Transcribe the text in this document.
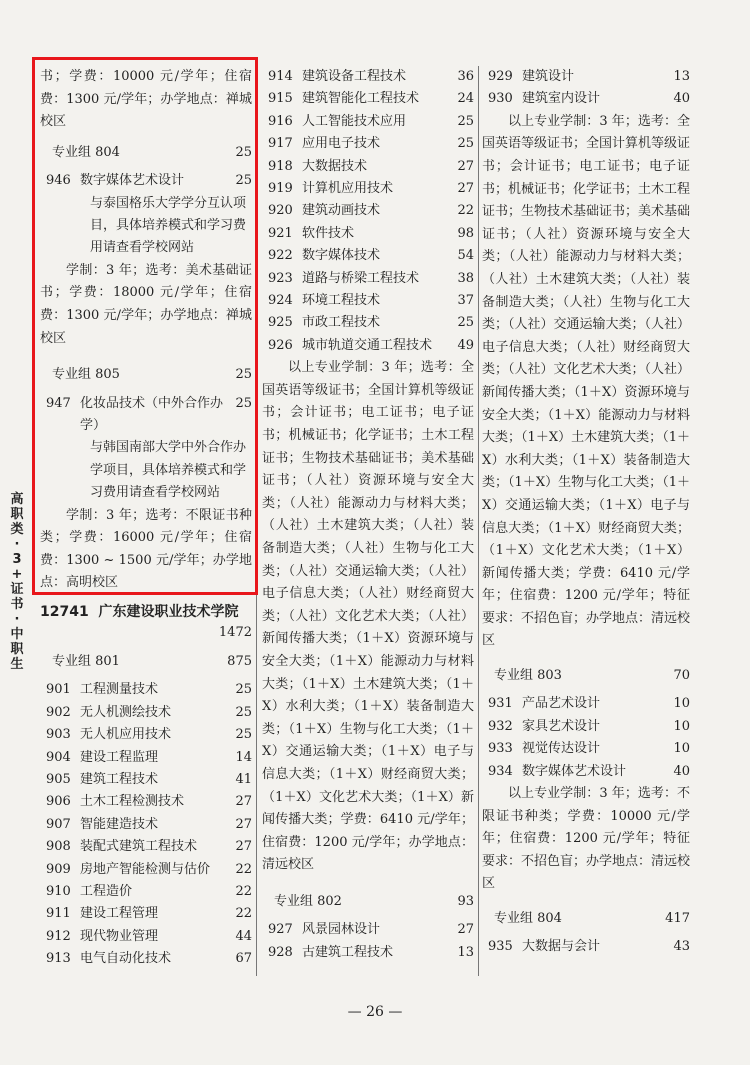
高
职
类
·
3
+
证
书
·
中
职
生

书；学费：10000 元/学年；住宿费：1300 元/学年；办学地点：禅城校区

专业组 804	25
946 数字媒体艺术设计	25

与泰国格乐大学学分互认项目，具体培养模式和学习费用请查看学校网站

学制：3 年；选考：美术基础证书；学费：18000 元/学年；住宿费：1300 元/学年；办学地点：禅城校区

专业组 805	25
947 化妆品技术（中外合作办学）
25

与韩国南部大学中外合作办学项目，具体培养模式和学习费用请查看学校网站

学制：3 年；选考：不限证书种类；学费：16000 元/学年；住宿费：1300 ~ 1500 元/学年；办学地点：高明校区

12741 广东建设职业技术学院
1472
专业组 801	875
901 工程测量技术	25
902 无人机测绘技术	25
903 无人机应用技术	25
904 建设工程监理	14
905 建筑工程技术	41
906 土木工程检测技术	27
907 智能建造技术	27
908 装配式建筑工程技术	27
909 房地产智能检测与估价	22
910 工程造价	22
911 建设工程管理	22
912 现代物业管理	44
913 电气自动化技术	67
914 建筑设备工程技术	36
915 建筑智能化工程技术	24
916 人工智能技术应用	25
917 应用电子技术	25
918 大数据技术	27
919 计算机应用技术	27
920 建筑动画技术	22
921 软件技术	98
922 数字媒体技术	54
923 道路与桥梁工程技术	38
924 环境工程技术	37
925 市政工程技术	25
926 城市轨道交通工程技术	49

以上专业学制：3 年；选考：全国英语等级证书；全国计算机等级证书；会计证书；电工证书；电子证书；机械证书；化学证书；土木工程证书；生物技术基础证书；美术基础证书；（人社）资源环境与安全大类；（人社）能源动力与材料大类；（人社）土木建筑大类；（人社）装备制造大类；（人社）生物与化工大类；（人社）交通运输大类；（人社）电子信息大类；（人社）财经商贸大类；（人社）文化艺术大类；（人社）新闻传播大类；（1＋X）资源环境与安全大类；（1＋X）能源动力与材料大类；（1＋X）土木建筑大类；（1＋X）水利大类；（1＋X）装备制造大类；（1＋X）生物与化工大类；（1＋X）交通运输大类；（1＋X）电子与信息大类；（1＋X）财经商贸大类；（1＋X）文化艺术大类；（1＋X）新闻传播大类；学费：6410 元/学年；住宿费：1200 元/学年；办学地点：清远校区

专业组 802	93
927 风景园林设计	27
928 古建筑工程技术	13
929 建筑设计	13
930 建筑室内设计	40

以上专业学制：3 年；选考：全国英语等级证书；全国计算机等级证书；会计证书；电工证书；电子证书；机械证书；化学证书；土木工程证书；生物技术基础证书；美术基础证书；（人社）资源环境与安全大类；（人社）能源动力与材料大类；（人社）土木建筑大类；（人社）装备制造大类；（人社）生物与化工大类；（人社）交通运输大类；（人社）电子信息大类；（人社）财经商贸大类；（人社）文化艺术大类；（人社）新闻传播大类；（1＋X）资源环境与安全大类；（1＋X）能源动力与材料大类；（1＋X）土木建筑大类；（1＋X）水利大类；（1＋X）装备制造大类；（1＋X）生物与化工大类；（1＋X）交通运输大类；（1＋X）电子与信息大类；（1＋X）财经商贸大类；（1＋X）文化艺术大类；（1＋X）新闻传播大类；学费：6410 元/学年；住宿费：1200 元/学年；特征要求：不招色盲；办学地点：清远校区

专业组 803	70
931 产品艺术设计	10
932 家具艺术设计	10
933 视觉传达设计	10
934 数字媒体艺术设计	40

以上专业学制：3 年；选考：不限证书种类；学费：10000 元/学年；住宿费：1200 元/学年；特征要求：不招色盲；办学地点：清远校区

专业组 804	417
935 大数据与会计	43
— 26 —
